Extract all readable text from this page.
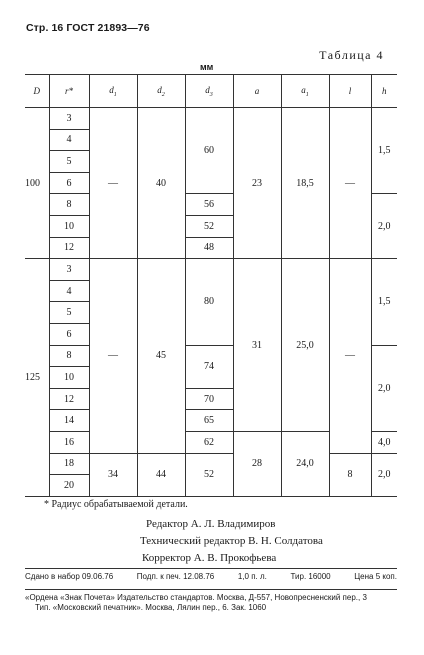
Стр. 16 ГОСТ 21893—76
Таблица 4
мм
D	r*	$d_1$	$d_2$	$d_3$	a	$a_1$	l	h
100	3	—	40	60	23	18,5	—	1,5
	4							
	5							
	6							
	8			56				2,0
	10			52				
	12			48				
125	3	—	45	80	31	25,0	—	1,5
	4							
	5							
	6							
	8			74				2,0
	10							
	12			70				
	14			65				
	16			62	28	24,0		4,0
	18	34	44	52			8	2,0
	20							
* Радиус обрабатываемой детали.
Редактор А. Л. Владимиров
Технический редактор В. Н. Солдатова
Корректор А. В. Прокофьева
Сдано в набор 09.06.76	Подп. к печ. 12.08.76	1,0 п. л.	Тир. 16000	Цена 5 коп.
«Ордена «Знак Почета» Издательство стандартов. Москва, Д-557, Новопресненский пер., 3
Тип. «Московский печатник». Москва, Лялин пер., 6. Зак. 1060
